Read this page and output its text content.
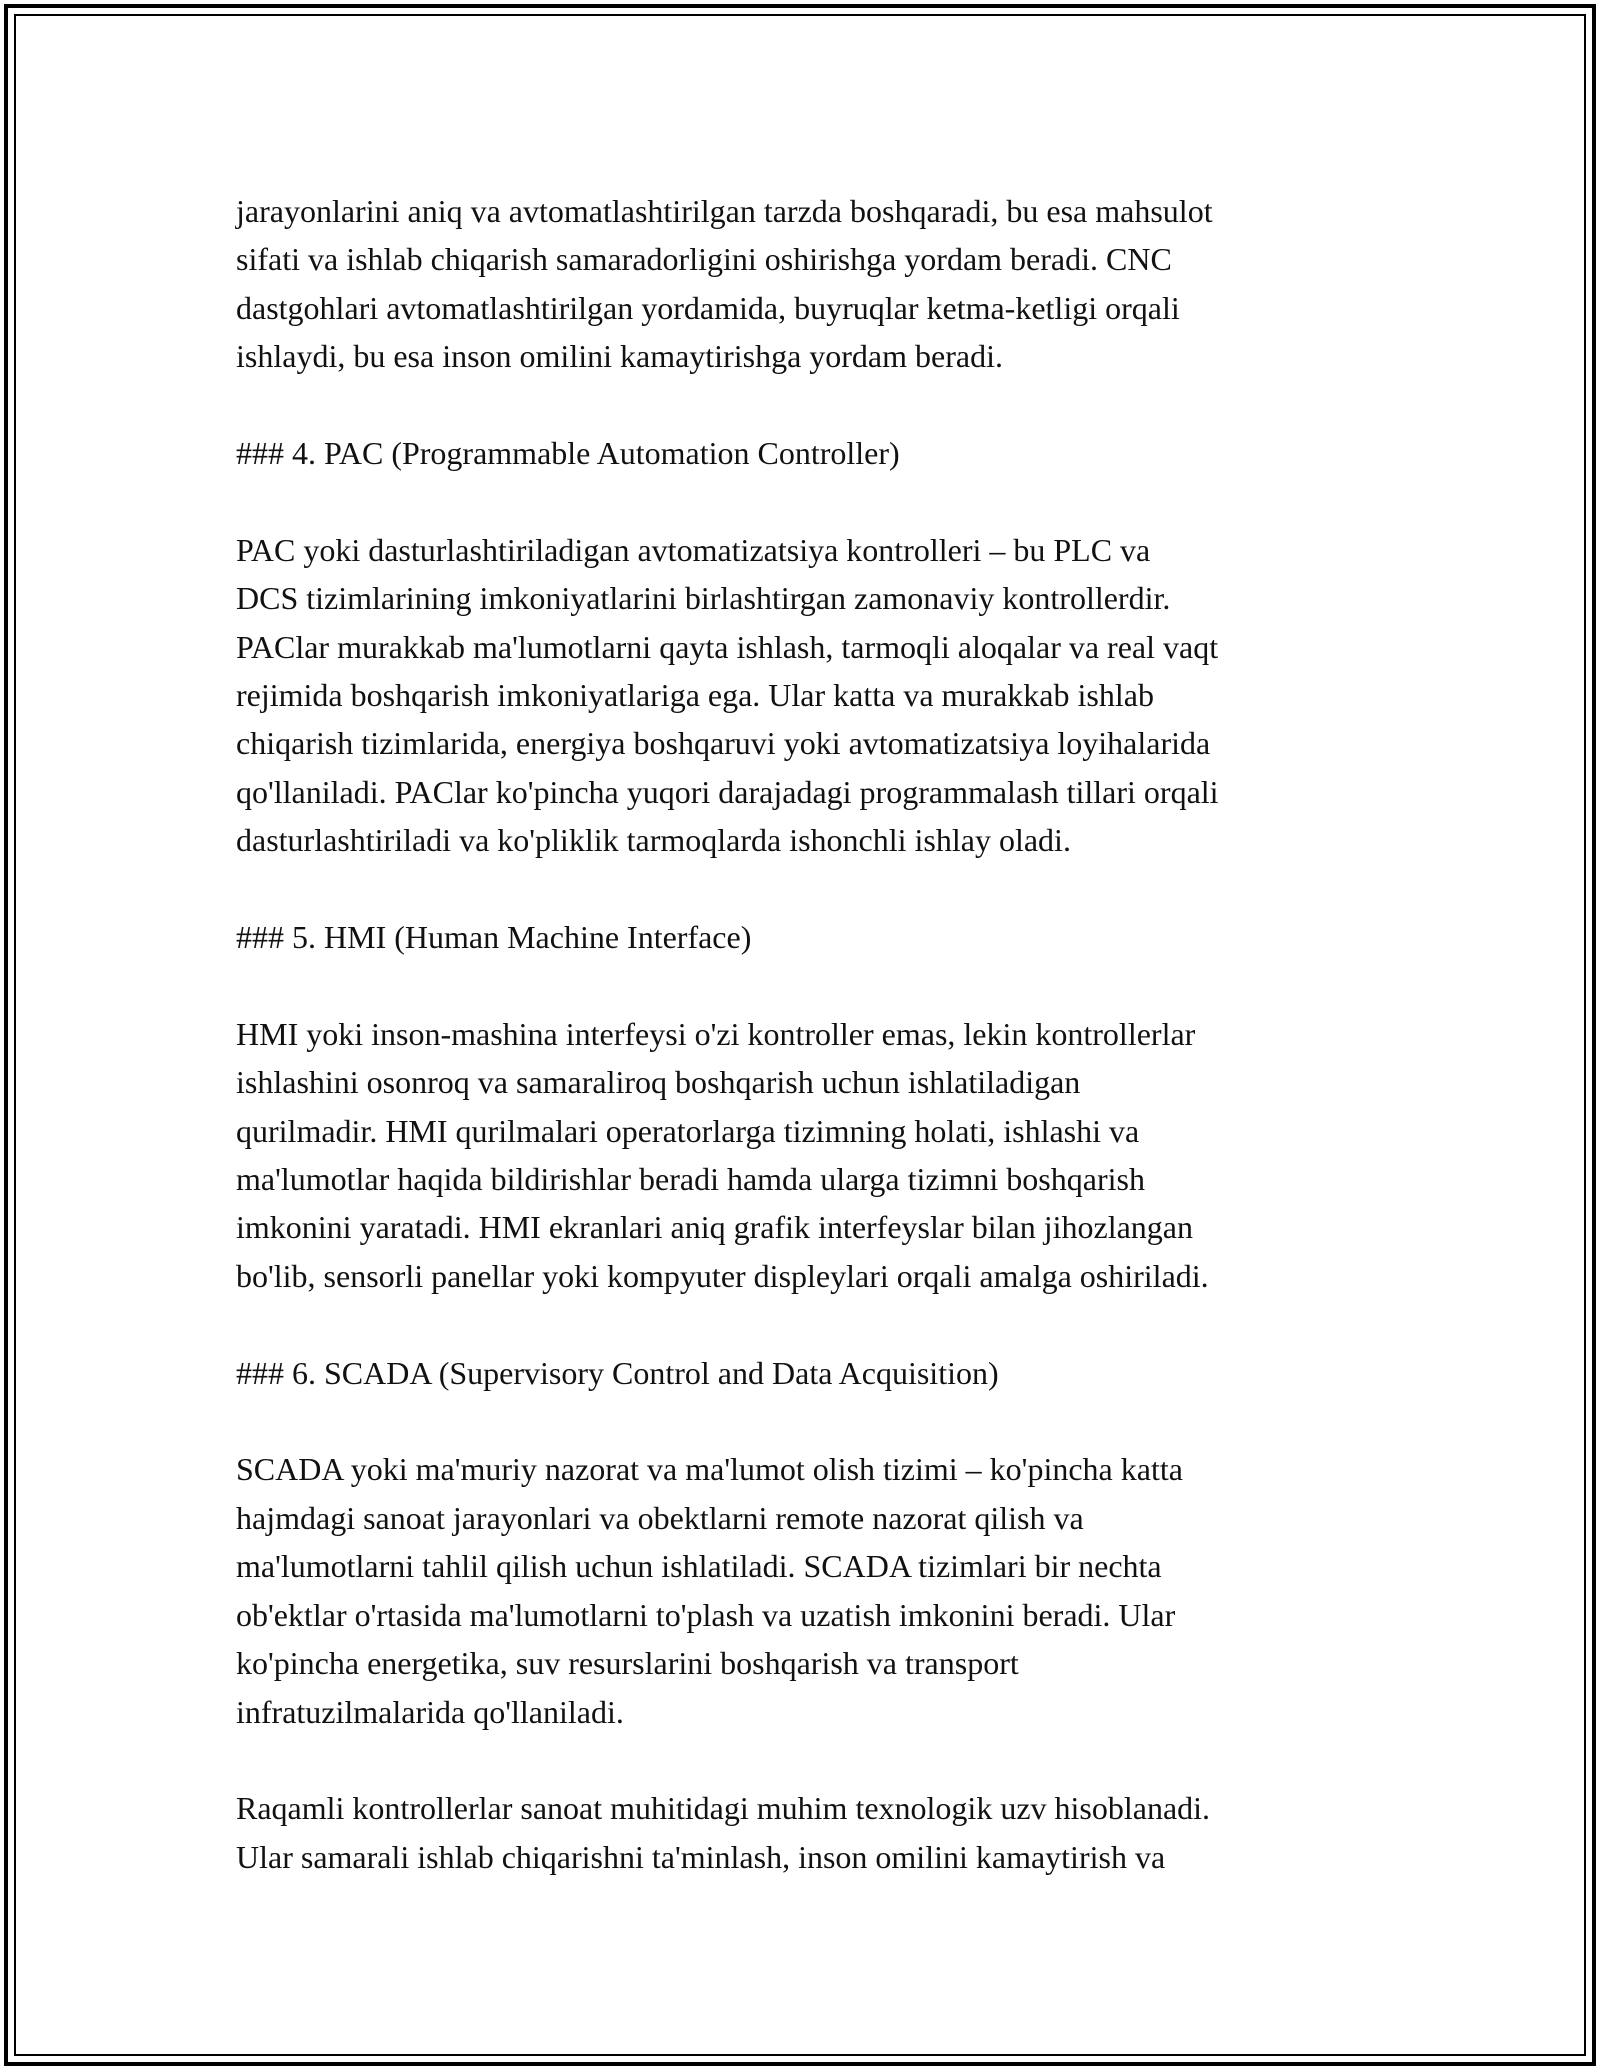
jarayonlarini aniq va avtomatlashtirilgan tarzda boshqaradi, bu esa mahsulot
sifati va ishlab chiqarish samaradorligini oshirishga yordam beradi. CNC
dastgohlari avtomatlashtirilgan yordamida, buyruqlar ketma-ketligi orqali
ishlaydi, bu esa inson omilini kamaytirishga yordam beradi.

### 4. PAC (Programmable Automation Controller)

PAC yoki dasturlashtiriladigan avtomatizatsiya kontrolleri – bu PLC va
DCS tizimlarining imkoniyatlarini birlashtirgan zamonaviy kontrollerdir.
PAClar murakkab ma'lumotlarni qayta ishlash, tarmoqli aloqalar va real vaqt
rejimida boshqarish imkoniyatlariga ega. Ular katta va murakkab ishlab
chiqarish tizimlarida, energiya boshqaruvi yoki avtomatizatsiya loyihalarida
qo'llaniladi. PAClar ko'pincha yuqori darajadagi programmalash tillari orqali
dasturlashtiriladi va ko'pliklik tarmoqlarda ishonchli ishlay oladi.

### 5. HMI (Human Machine Interface)

HMI yoki inson-mashina interfeysi o'zi kontroller emas, lekin kontrollerlar
ishlashini osonroq va samaraliroq boshqarish uchun ishlatiladigan
qurilmadir. HMI qurilmalari operatorlarga tizimning holati, ishlashi va
ma'lumotlar haqida bildirishlar beradi hamda ularga tizimni boshqarish
imkonini yaratadi. HMI ekranlari aniq grafik interfeyslar bilan jihozlangan
bo'lib, sensorli panellar yoki kompyuter displeylari orqali amalga oshiriladi.

### 6. SCADA (Supervisory Control and Data Acquisition)

SCADA yoki ma'muriy nazorat va ma'lumot olish tizimi – ko'pincha katta
hajmdagi sanoat jarayonlari va obektlarni remote nazorat qilish va
ma'lumotlarni tahlil qilish uchun ishlatiladi. SCADA tizimlari bir nechta
ob'ektlar o'rtasida ma'lumotlarni to'plash va uzatish imkonini beradi. Ular
ko'pincha energetika, suv resurslarini boshqarish va transport
infratuzilmalarida qo'llaniladi.

Raqamli kontrollerlar sanoat muhitidagi muhim texnologik uzv hisoblanadi.
Ular samarali ishlab chiqarishni ta'minlash, inson omilini kamaytirish va
